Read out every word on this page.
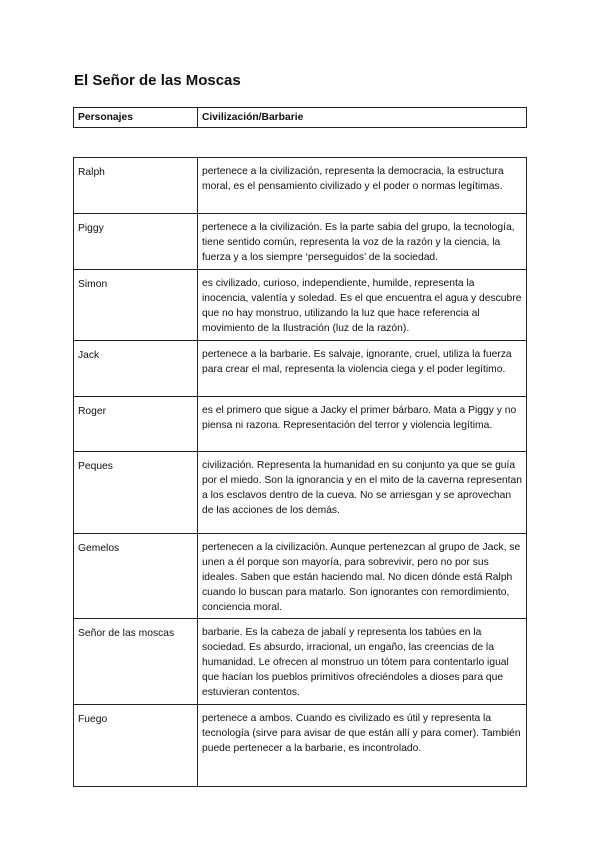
El Señor de las Moscas
Personajes	Civilización/Barbarie
Ralph	pertenece a la civilización, representa la democracia, la estructura moral, es el pensamiento civilizado y el poder o normas legítimas.
Piggy	pertenece a la civilización. Es la parte sabia del grupo, la tecnología, tiene sentido común, representa la voz de la razón y la ciencia, la fuerza y a los siempre ‘perseguidos’ de la sociedad.
Simon	es civilizado, curioso, independiente, humilde, representa la inocencia, valentía y soledad. Es el que encuentra el agua y descubre que no hay monstruo, utilizando la luz que hace referencia al movimiento de la Ilustración (luz de la razón).
Jack	pertenece a la barbarie. Es salvaje, ignorante, cruel, utiliza la fuerza para crear el mal, representa la violencia ciega y el poder legítimo.
Roger	es el primero que sigue a Jacky el primer bárbaro. Mata a Piggy y no piensa ni razona. Representación del terror y violencia legítima.
Peques	civilización. Representa la humanidad en su conjunto ya que se guía por el miedo. Son la ignorancia y en el mito de la caverna representan a los esclavos dentro de la cueva. No se arriesgan y se aprovechan de las acciones de los demás.
Gemelos	pertenecen a la civilización. Aunque pertenezcan al grupo de Jack, se unen a él porque son mayoría, para sobrevivir, pero no por sus ideales. Saben que están haciendo mal. No dicen dónde está Ralph cuando lo buscan para matarlo. Son ignorantes con remordimiento, conciencia moral.
Señor de las moscas	barbarie. Es la cabeza de jabalí y representa los tabúes en la sociedad. Es absurdo, irracional, un engaño, las creencias de la humanidad. Le ofrecen al monstruo un tótem para contentarlo igual que hacían los pueblos primitivos ofreciéndoles a dioses para que estuvieran contentos.
Fuego	pertenece a ambos. Cuando es civilizado es útil y representa la tecnología (sirve para avisar de que están allí y para comer). También puede pertenecer a la barbarie, es incontrolado.
